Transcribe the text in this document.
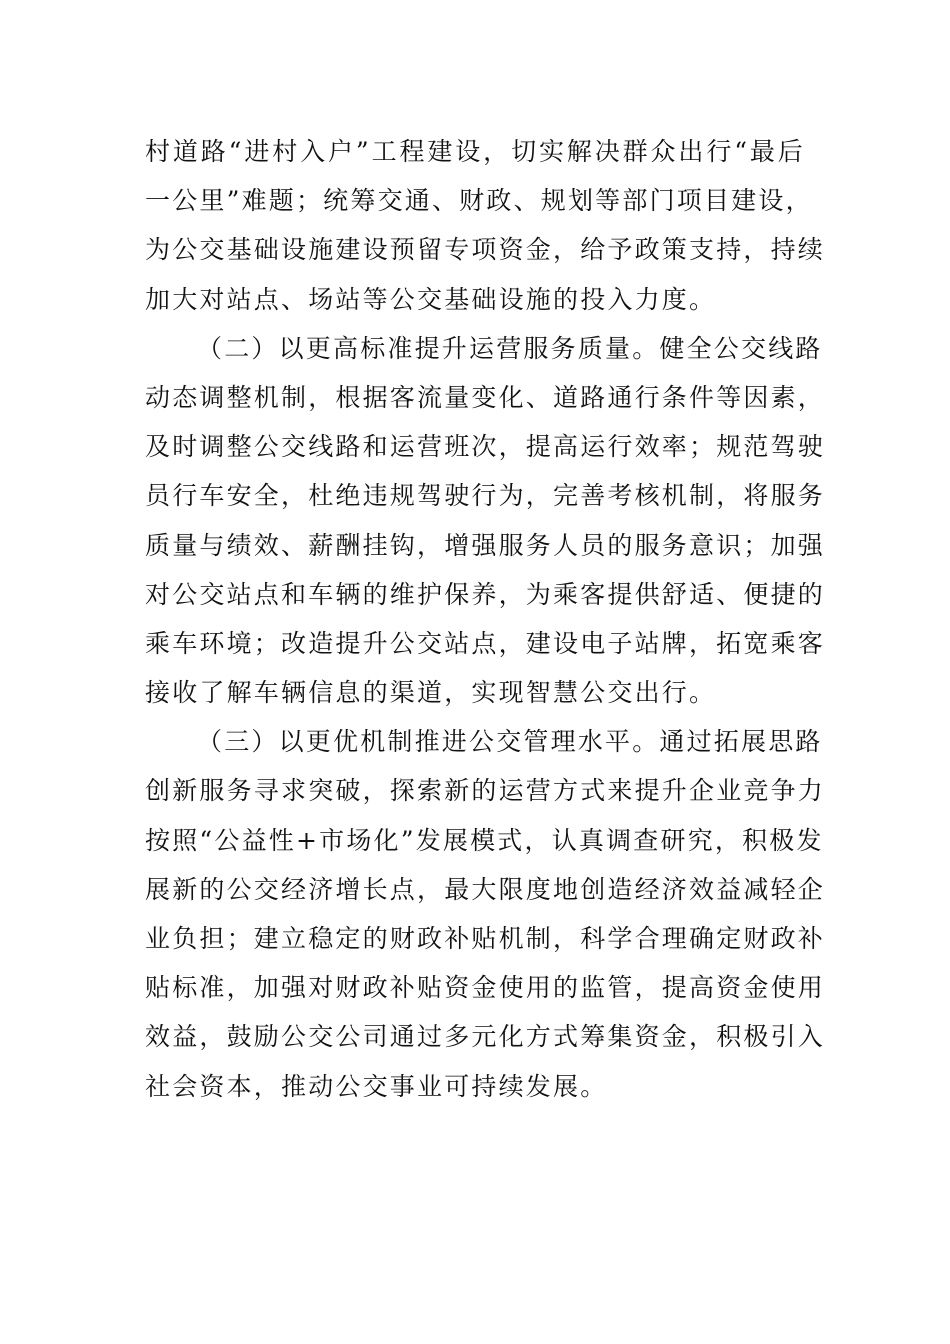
村道路“进村入户”工程建设，切实解决群众出行“最后
一公里”难题；统筹交通、财政、规划等部门项目建设，
为公交基础设施建设预留专项资金，给予政策支持，持续
加大对站点、场站等公交基础设施的投入力度。
（二）以更高标准提升运营服务质量。健全公交线路
动态调整机制，根据客流量变化、道路通行条件等因素，
及时调整公交线路和运营班次，提高运行效率；规范驾驶
员行车安全，杜绝违规驾驶行为，完善考核机制，将服务
质量与绩效、薪酬挂钩，增强服务人员的服务意识；加强
对公交站点和车辆的维护保养，为乘客提供舒适、便捷的
乘车环境；改造提升公交站点，建设电子站牌，拓宽乘客
接收了解车辆信息的渠道，实现智慧公交出行。
（三）以更优机制推进公交管理水平。通过拓展思路
创新服务寻求突破，探索新的运营方式来提升企业竞争力
按照“公益性+市场化”发展模式，认真调查研究，积极发
展新的公交经济增长点，最大限度地创造经济效益减轻企
业负担；建立稳定的财政补贴机制，科学合理确定财政补
贴标准，加强对财政补贴资金使用的监管，提高资金使用
效益，鼓励公交公司通过多元化方式筹集资金，积极引入
社会资本，推动公交事业可持续发展。
